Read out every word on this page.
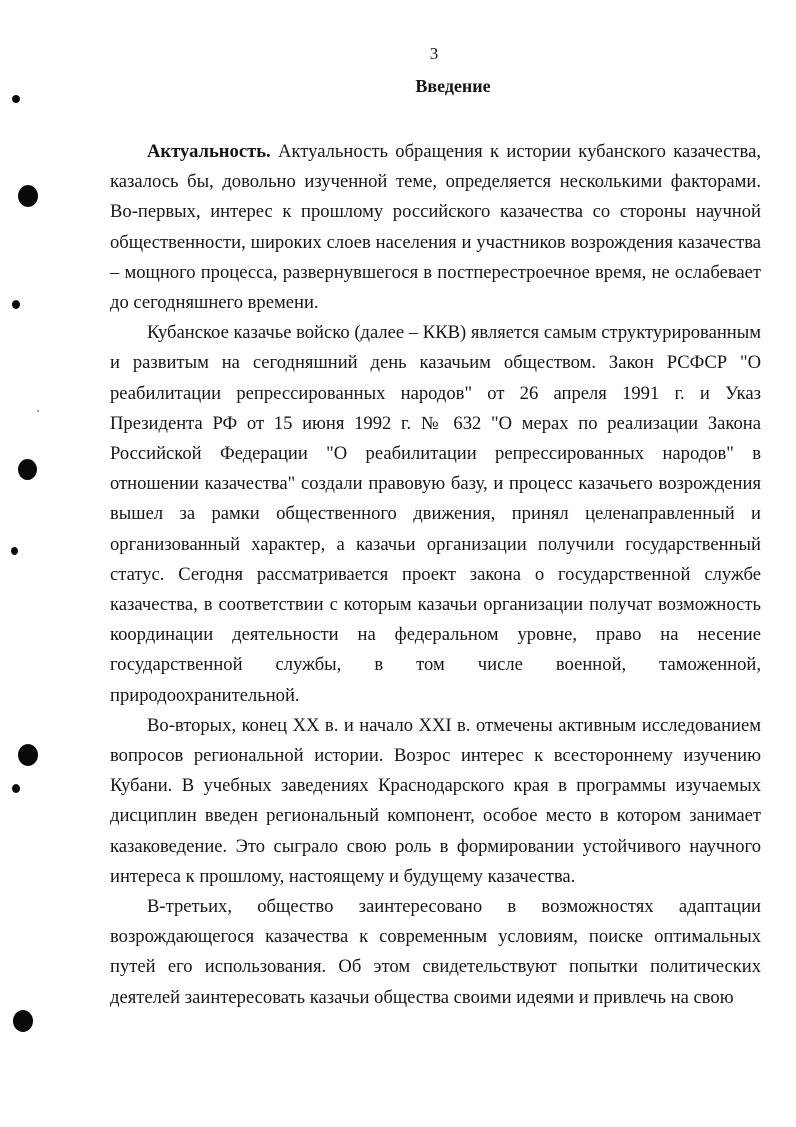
3
Введение

Актуальность. Актуальность обращения к истории кубанского казачества, казалось бы, довольно изученной теме, определяется несколькими факторами. Во-первых, интерес к прошлому российского казачества со стороны научной общественности, широких слоев населения и участников возрождения казачества – мощного процесса, развернувшегося в постперестроечное время, не ослабевает до сегодняшнего времени.

Кубанское казачье войско (далее – ККВ) является самым структурированным и развитым на сегодняшний день казачьим обществом. Закон РСФСР "О реабилитации репрессированных народов" от 26 апреля 1991 г. и Указ Президента РФ от 15 июня 1992 г. № 632 "О мерах по реализации Закона Российской Федерации "О реабилитации репрессированных народов" в отношении казачества" создали правовую базу, и процесс казачьего возрождения вышел за рамки общественного движения, принял целенаправленный и организованный характер, а казачьи организации получили государственный статус. Сегодня рассматривается проект закона о государственной службе казачества, в соответствии с которым казачьи организации получат возможность координации деятельности на федеральном уровне, право на несение государственной службы, в том числе военной, таможенной, природоохранительной.

Во-вторых, конец XX в. и начало XXI в. отмечены активным исследованием вопросов региональной истории. Возрос интерес к всестороннему изучению Кубани. В учебных заведениях Краснодарского края в программы изучаемых дисциплин введен региональный компонент, особое место в котором занимает казаковедение. Это сыграло свою роль в формировании устойчивого научного интереса к прошлому, настоящему и будущему казачества.

В-третьих, общество заинтересовано в возможностях адаптации возрождающегося казачества к современным условиям, поиске оптимальных путей его использования. Об этом свидетельствуют попытки политических деятелей заинтересовать казачьи общества своими идеями и привлечь на свою
